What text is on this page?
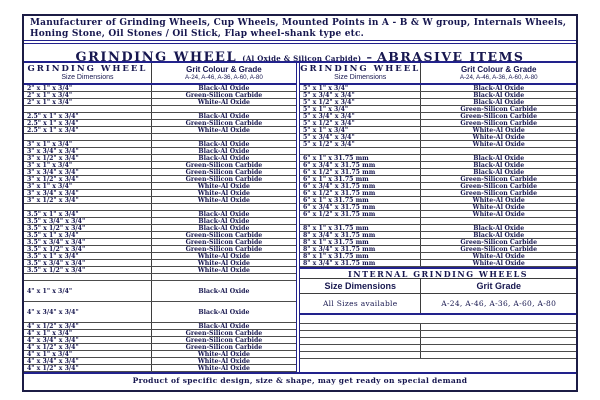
Manufacturer of Grinding Wheels, Cup Wheels, Mounted Points in A - B & W group, Internals Wheels,
Honing Stone, Oil Stones / Oil Stick, Flap wheel-shank type etc.
GRINDING WHEEL (Al Oxide & Silicon Carbide) – ABRASIVE ITEMS
GRINDING WHEEL
Size Dimensions
Grit Colour & Grade
A-24, A-46, A-36, A-60, A-80
2" x 1" x 3/4"	Black-Al Oxide
2" x 1" x 3/4"	Green-Silicon Carbide
2" x 1" x 3/4"	White-Al Oxide
2.5" x 1" x 3/4"	Black-Al Oxide
2.5" x 1" x 3/4"	Green-Silicon Carbide
2.5" x 1" x 3/4"	White-Al Oxide
3" x 1" x 3/4"	Black-Al Oxide
3" x 3/4" x 3/4"	Black-Al Oxide
3" x 1/2" x 3/4"	Black-Al Oxide
3" x 1" x 3/4"	Green-Silicon Carbide
3" x 3/4" x 3/4"	Green-Silicon Carbide
3" x 1/2" x 3/4"	Green-Silicon Carbide
3" x 1" x 3/4"	White-Al Oxide
3" x 3/4" x 3/4"	White-Al Oxide
3" x 1/2" x 3/4"	White-Al Oxide
3.5" x 1" x 3/4"	Black-Al Oxide
3.5" x 3/4" x 3/4"	Black-Al Oxide
3.5" x 1/2" x 3/4"	Black-Al Oxide
3.5" x 1" x 3/4"	Green-Silicon Carbide
3.5" x 3/4" x 3/4"	Green-Silicon Carbide
3.5" x 1/2" x 3/4"	Green-Silicon Carbide
3.5" x 1" x 3/4"	White-Al Oxide
3.5" x 3/4" x 3/4"	White-Al Oxide
3.5" x 1/2" x 3/4"	White-Al Oxide
4" x 1" x 3/4"	Black-Al Oxide
4" x 3/4" x 3/4"	Black-Al Oxide
4" x 1/2" x 3/4"	Black-Al Oxide
4" x 1" x 3/4"	Green-Silicon Carbide
4" x 3/4" x 3/4"	Green-Silicon Carbide
4" x 1/2" x 3/4"	Green-Silicon Carbide
4" x 1" x 3/4"	White-Al Oxide
4" x 3/4" x 3/4"	White-Al Oxide
4" x 1/2" x 3/4"	White-Al Oxide
GRINDING WHEEL
Size Dimensions
Grit Colour & Grade
A-24, A-46, A-36, A-60, A-80
5" x 1" x 3/4"	Black-Al Oxide
5" x 3/4" x 3/4"	Black-Al Oxide
5" x 1/2" x 3/4"	Black-Al Oxide
5" x 1" x 3/4"	Green-Silicon Carbide
5" x 3/4" x 3/4"	Green-Silicon Carbide
5" x 1/2" x 3/4"	Green-Silicon Carbide
5" x 1" x 3/4"	White-Al Oxide
5" x 3/4" x 3/4"	White-Al Oxide
5" x 1/2" x 3/4"	White-Al Oxide
6" x 1" x 31.75 mm	Black-Al Oxide
6" x 3/4" x 31.75 mm	Black-Al Oxide
6" x 1/2" x 31.75 mm	Black-Al Oxide
6" x 1" x 31.75 mm	Green-Silicon Carbide
6" x 3/4" x 31.75 mm	Green-Silicon Carbide
6" x 1/2" x 31.75 mm	Green-Silicon Carbide
6" x 1" x 31.75 mm	White-Al Oxide
6" x 3/4" x 31.75 mm	White-Al Oxide
6" x 1/2" x 31.75 mm	White-Al Oxide
8" x 1" x 31.75 mm	Black-Al Oxide
8" x 3/4" x 31.75 mm	Black-Al Oxide
8" x 1" x 31.75 mm	Green-Silicon Carbide
8" x 3/4" x 31.75 mm	Green-Silicon Carbide
8" x 1" x 31.75 mm	White-Al Oxide
8" x 3/4" x 31.75 mm	White-Al Oxide
INTERNAL GRINDING WHEELS
Size Dimensions	Grit Grade
All Sizes available	A-24, A-46, A-36, A-60, A-80
Product of specific design, size & shape, may get ready on special demand
